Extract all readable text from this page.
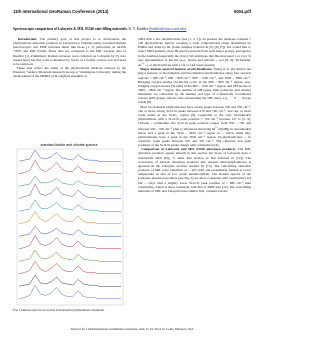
11th International GeoRaman Conference (2014)	5004.pdf
Spectroscopic comparison of Lafayette & MIL 03346 rain-filling materials. K. T. Kuebler (kuebler@seas.wustl.edu)

Introduction: The primary goal of this project is to characterize the phyllosilicate alteration products in Lafayette (or Nakhla) using correlated Raman spectroscopic and EMP traverses much like those [1, 2] performed on ALHA 77005 and MIL 03346. These data are compared to the MIL traverse data of Kuebler [1]. Preliminary Raman traverses were collected on Lafayette by [3, data reused here] but this work is hindered by traces of a former carbon coat and need to be removed.

These data reflect the status of the phyllosilicate database tailored by the Planetary Surface Materials Research Group at Washington University during the development of the MMRS (4 & original) ensemble of

standard biotite and chlorite spectra
Fig. 1) Raman spectra of several trioctahedral phyllosilicate standards.

2004 with a few modifications (see [1, 2, 3]). At present, the database contains > 100 phyllosilicate spectra covering a wide compositional range determined by EMPA and some by IR (some samples featured in [5] [6] [7]). We would like to select XRD patterns; most IR spectra (several from each major group), and spectra in the database (especially the clays). We anticipate that this may need 1 or 2 (or 3) new end-members to the list (e.g., biotite and chlorite ... per [8, 9]; Tschermak; $Al^{VI}$ ...) or phyllosilicate with a 7Å or 14Å basal spacing.

Major Raman spectral features of phyllosilicates: Wang et al. [8] discuss the major features of dioctahedral and trioctahedral phyllosilicates using four spectral regions: ~ 600 cm⁻¹, 600 – 800 cm⁻¹, 800 – 1200 cm⁻¹, and 3000 – 3800 cm⁻¹. Bridging oxygen modes (Si-Ob-Si) occur in the 600 – 800 cm⁻¹ region, non-bridging oxygen modes (Si-Onb) in the 800 – 1150 cm⁻¹ region, and OH modes at 3000 – 3800 cm⁻¹ region. The number of OH peaks, their positions, and relative intensities are controlled by the number and type of octahedrally coordinated cations (OH groups and the ions surrounding the OH sites), e.g., ··· Y ··· Y-type bonds [8].

Most trioctahedral phyllosilicates have strong peaks between 100 and 250 cm⁻¹, one or more strong Si-O-Si peaks between 670 and 700 cm⁻¹, and one or more weak peaks in the Si-O... region [8]. Lepidolite is the only trioctahedral phyllosilicate with a Si-O-Si peak position > 700 cm⁻¹ because Li+ is [2, 9]. Chlorite / vermiculite...the Si-O-Si peak position ranges from 650 – 700 and between 550 – 595 cm⁻¹ (due to vibrations involving $M^{VI}-O[OH]$) in trioctahedral micas and a peak in the 3550 – 3650 cm⁻¹ region in ... micas while Mg-phyllosilicates have a peak in the 3650 cm⁻¹ region. Fe-phyllosilicates ... in relatively weak peaks between 325 and 370 cm⁻¹. The character and peak positions of the Si-O-Si peaks change with composition [2].

Comparison of Lafayette and MIL 03346 alteration products: The MIL alteration products appear smooth in this section but those of Lafayette have a texture/rim habit (Fig. 3, same thin section as that featured in [12]). The conversion of smooth alteration products into sinuous microphyllosilicate is apparent in the Lafayette sections studied by [13]. The vein-filling alteration products of MIL were identified as ... (Fe-rich) and presumably formed at lower temperature in that of low grade metamorphism. The Raman spectra of the Lafayette alteration products (see Fig. 4) are more consistent with vermiculite [12] but ... clays with a slightly lower Si-O-Si peak position of ~ 680 cm⁻¹ than vermiculite, which is more consistent with that of EMP data [14]. The vein-filling materials of MIL and Lafayette have similar SiO₂ contents but the

Abstract for 11th International GeoRaman Conference, June 15-19, 2014, St. Louis, Missouri, USA
